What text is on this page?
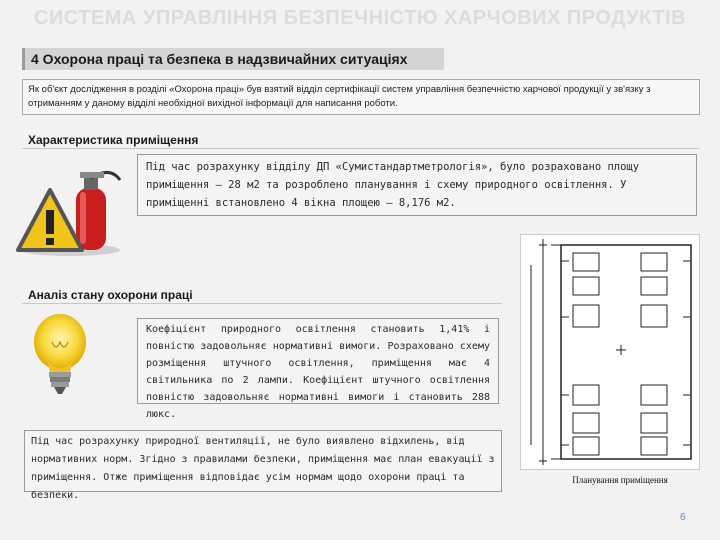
СИСТЕМА УПРАВЛІННЯ БЕЗПЕЧНІСТЮ ХАРЧОВИХ ПРОДУКТІВ
4 Охорона праці та безпека в надзвичайних ситуаціях
Як об'єкт дослідження в розділі «Охорона праці» був взятий відділ сертифікації систем управління безпечністю харчової продукції у зв'язку з отриманням у даному відділі необхідної вихідної інформації для написання роботи.
Характеристика приміщення
Під час розрахунку відділу ДП «Сумистандартметрологія», було розраховано площу приміщення – 28 м2 та розроблено планування і схему природного освітлення. У приміщенні встановлено 4 вікна площею – 8,176 м2.
Аналіз стану охорони праці
Коефіцієнт природного освітлення становить 1,41% і повністю задовольняє нормативні вимоги. Розраховано схему розміщення штучного освітлення, приміщення має 4 світильника по 2 лампи. Коефіцієнт штучного освітлення повністю задовольняє нормативні вимоги і становить 288 люкс.
Під час розрахунку природної вентиляції, не було виявлено відхилень, від нормативних норм. Згідно з правилами безпеки, приміщення має план евакуації з приміщення. Отже приміщення відповідає усім нормам щодо охорони праці та безпеки.
Планування приміщення
6
